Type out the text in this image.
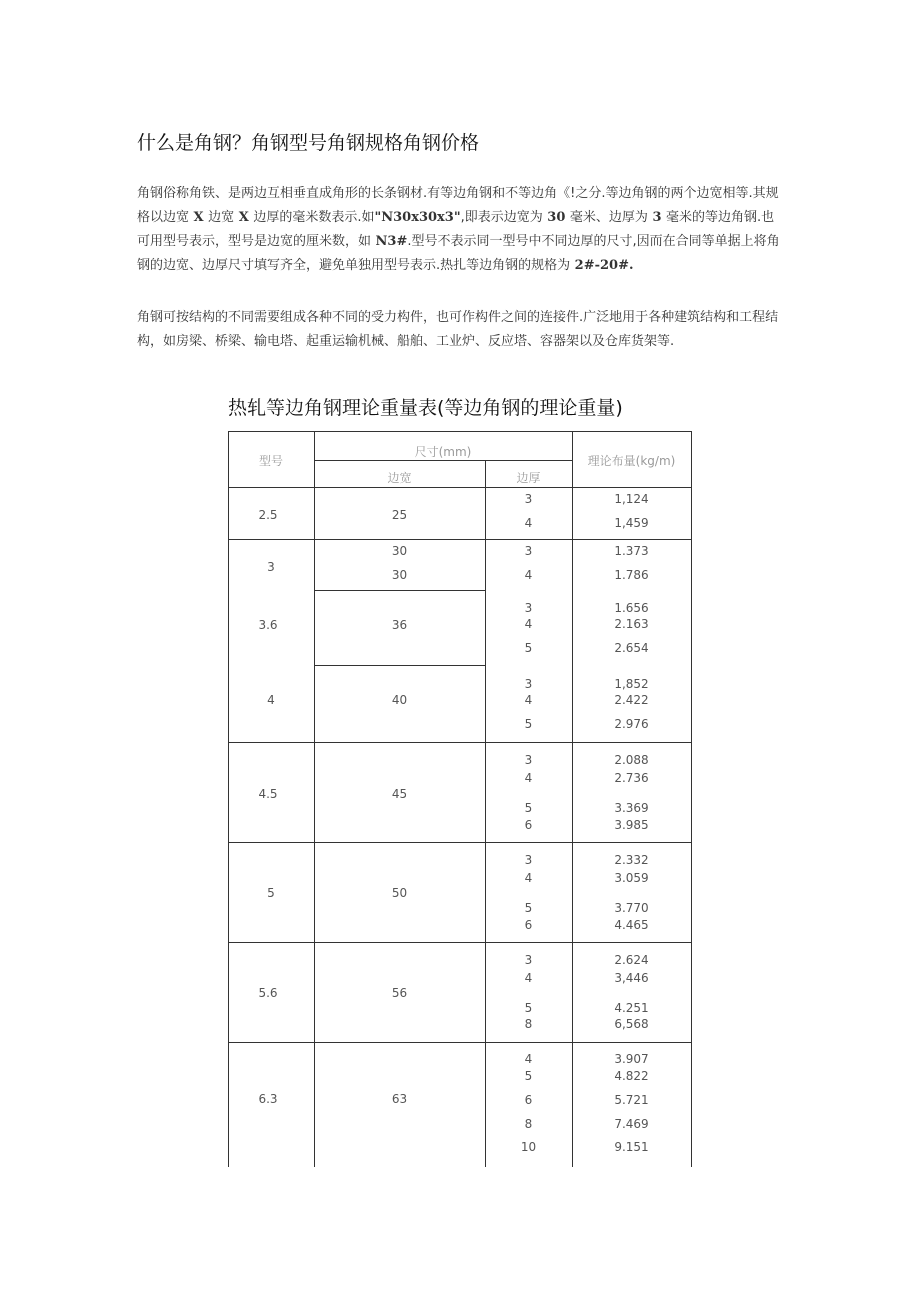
什么是角钢？角钢型号角钢规格角钢价格

角钢俗称角铁、是两边互相垂直成角形的长条钢材.有等边角钢和不等边角《!之分.等边角钢的两个边宽相等.其规格以边宽 X 边宽 X 边厚的毫米数表示.如"N30x30x3",即表示边宽为 30 毫米、边厚为 3 毫米的等边角钢.也可用型号表示，型号是边宽的厘米数，如 N3#.型号不表示同一型号中不同边厚的尺寸,因而在合同等单据上将角钢的边宽、边厚尺寸填写齐全，避免单独用型号表示.热扎等边角钢的规格为 2#-20#.

角钢可按结构的不同需要组成各种不同的受力构件，也可作构件之间的连接件.广泛地用于各种建筑结构和工程结构，如房梁、桥梁、输电塔、起重运输机械、船舶、工业炉、反应塔、容器架以及仓库货架等.

热轧等边角钢理论重量表(等边角钢的理论重量)
型号
尺寸(mm)
边宽	边厚
理论布量(kg/m)
2.5
3
3.6
4
4.5
5
5.6
6.3
25
30
30
36
40
45
50
56
63
3
4
3
4
3
4
5
3
4
5
3
4
5
6
3
4
5
6
3
4
5
8
4
5
6
8
10
1,124
1,459
1.373
1.786
1.656
2.163
2.654
1,852
2.422
2.976
2.088
2.736
3.369
3.985
2.332
3.059
3.770
4.465
2.624
3,446
4.251
6,568
3.907
4.822
5.721
7.469
9.151
